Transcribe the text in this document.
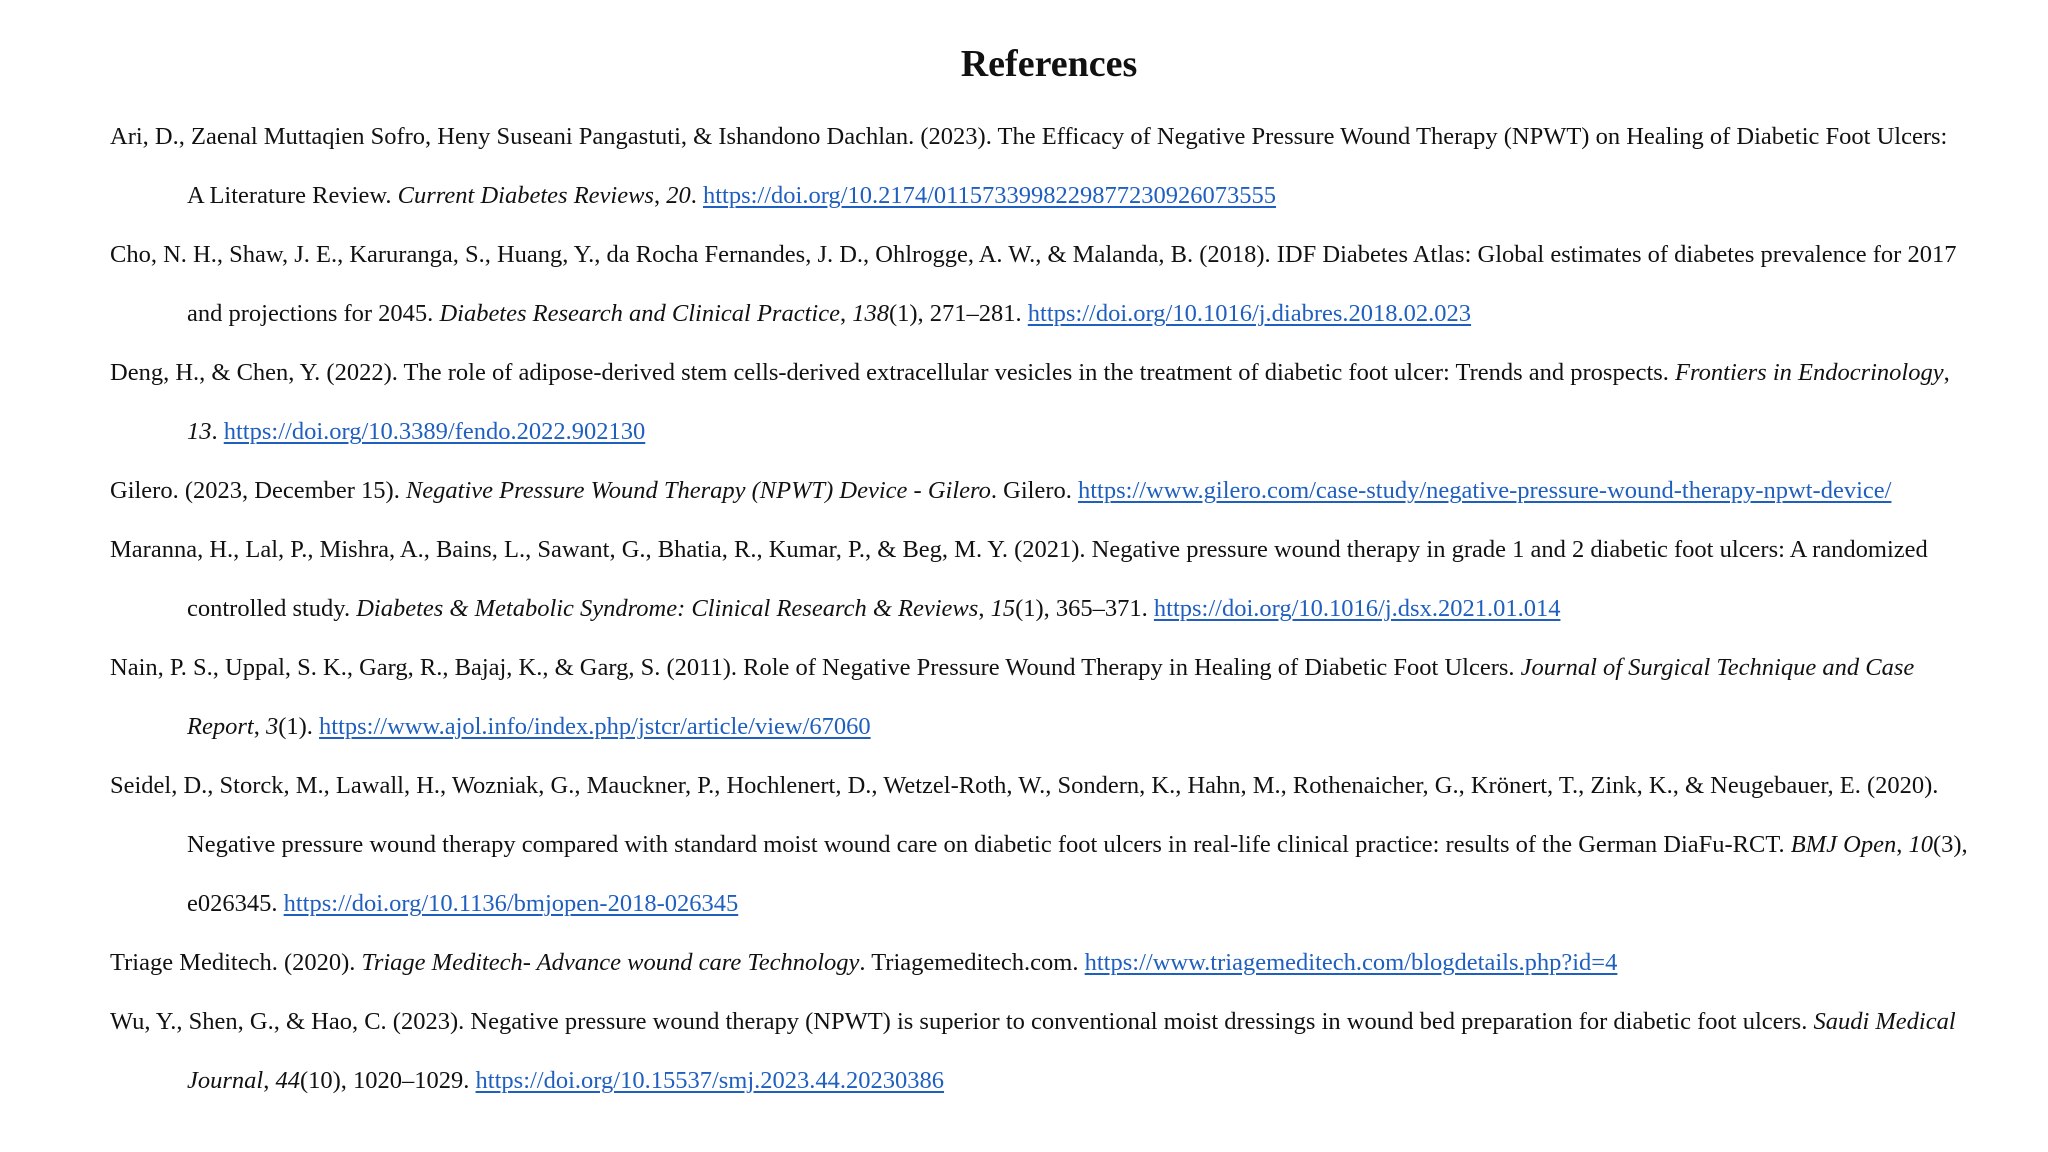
References
Ari, D., Zaenal Muttaqien Sofro, Heny Suseani Pangastuti, & Ishandono Dachlan. (2023). The Efficacy of Negative Pressure Wound Therapy (NPWT) on Healing of Diabetic Foot Ulcers:
A Literature Review. Current Diabetes Reviews, 20. https://doi.org/10.2174/0115733998229877230926073555
Cho, N. H., Shaw, J. E., Karuranga, S., Huang, Y., da Rocha Fernandes, J. D., Ohlrogge, A. W., & Malanda, B. (2018). IDF Diabetes Atlas: Global estimates of diabetes prevalence for 2017
and projections for 2045. Diabetes Research and Clinical Practice, 138(1), 271–281. https://doi.org/10.1016/j.diabres.2018.02.023
Deng, H., & Chen, Y. (2022). The role of adipose-derived stem cells-derived extracellular vesicles in the treatment of diabetic foot ulcer: Trends and prospects. Frontiers in Endocrinology,
13. https://doi.org/10.3389/fendo.2022.902130
Gilero. (2023, December 15). Negative Pressure Wound Therapy (NPWT) Device - Gilero. Gilero. https://www.gilero.com/case-study/negative-pressure-wound-therapy-npwt-device/
Maranna, H., Lal, P., Mishra, A., Bains, L., Sawant, G., Bhatia, R., Kumar, P., & Beg, M. Y. (2021). Negative pressure wound therapy in grade 1 and 2 diabetic foot ulcers: A randomized
controlled study. Diabetes & Metabolic Syndrome: Clinical Research & Reviews, 15(1), 365–371. https://doi.org/10.1016/j.dsx.2021.01.014
Nain, P. S., Uppal, S. K., Garg, R., Bajaj, K., & Garg, S. (2011). Role of Negative Pressure Wound Therapy in Healing of Diabetic Foot Ulcers. Journal of Surgical Technique and Case
Report, 3(1). https://www.ajol.info/index.php/jstcr/article/view/67060
Seidel, D., Storck, M., Lawall, H., Wozniak, G., Mauckner, P., Hochlenert, D., Wetzel-Roth, W., Sondern, K., Hahn, M., Rothenaicher, G., Krönert, T., Zink, K., & Neugebauer, E. (2020).
Negative pressure wound therapy compared with standard moist wound care on diabetic foot ulcers in real-life clinical practice: results of the German DiaFu-RCT. BMJ Open, 10(3),
e026345. https://doi.org/10.1136/bmjopen-2018-026345
Triage Meditech. (2020). Triage Meditech- Advance wound care Technology. Triagemeditech.com. https://www.triagemeditech.com/blogdetails.php?id=4
Wu, Y., Shen, G., & Hao, C. (2023). Negative pressure wound therapy (NPWT) is superior to conventional moist dressings in wound bed preparation for diabetic foot ulcers. Saudi Medical
Journal, 44(10), 1020–1029. https://doi.org/10.15537/smj.2023.44.20230386
